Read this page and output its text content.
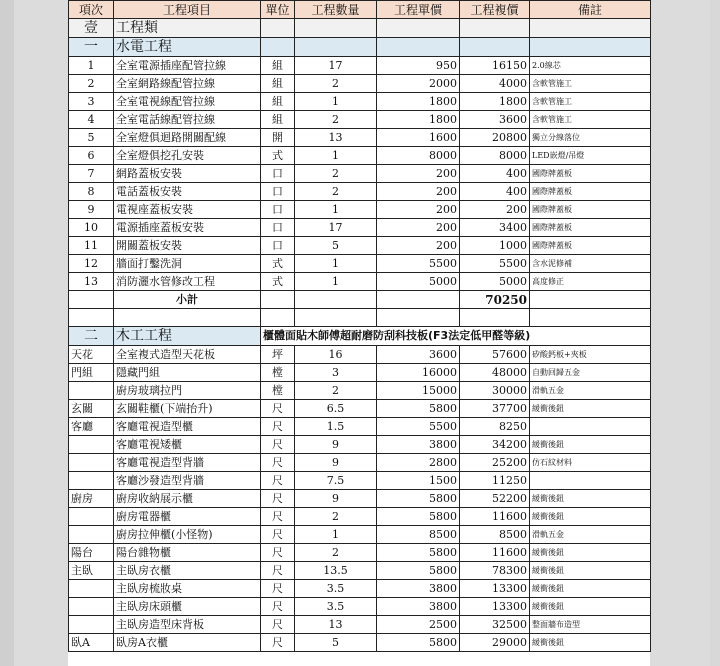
項次	工程項目	單位	工程數量	工程單價	工程複價	備註
壹	工程類					
一	水電工程					
1	全室電源插座配管拉線	組	17	950	16150	2.0線芯
2	全室網路線配管拉線	組	2	2000	4000	含軟管施工
3	全室電視線配管拉線	組	1	1800	1800	含軟管施工
4	全室電話線配管拉線	組	2	1800	3600	含軟管施工
5	全室燈俱迴路開關配線	開	13	1600	20800	獨立分線落位
6	全室燈俱挖孔安裝	式	1	8000	8000	LED嵌燈/吊燈
7	網路蓋板安裝	口	2	200	400	國際牌蓋板
8	電話蓋板安裝	口	2	200	400	國際牌蓋板
9	電視座蓋板安裝	口	1	200	200	國際牌蓋板
10	電源插座蓋板安裝	口	17	200	3400	國際牌蓋板
11	開關蓋板安裝	口	5	200	1000	國際牌蓋板
12	牆面打鑿洗洞	式	1	5500	5500	含水泥修補
13	消防灑水管修改工程	式	1	5000	5000	高度修正
	小計				70250	

二	木工工程	櫃體面貼木師傅超耐磨防刮科技板(F3法定低甲醛等級)				
天花	全室複式造型天花板	坪	16	3600	57600	矽酸鈣板+夾板
門組	隱藏門組	樘	3	16000	48000	自動回歸五金
	廚房玻璃拉門	樘	2	15000	30000	滑軌五金
玄關	玄關鞋櫃(下端抬升)	尺	6.5	5800	37700	緩衝後鈕
客廳	客廳電視造型櫃	尺	1.5	5500	8250	
	客廳電視矮櫃	尺	9	3800	34200	緩衝後鈕
	客廳電視造型背牆	尺	9	2800	25200	仿石紋材料
	客廳沙發造型背牆	尺	7.5	1500	11250	
廚房	廚房收納展示櫃	尺	9	5800	52200	緩衝後鈕
	廚房電器櫃	尺	2	5800	11600	緩衝後鈕
	廚房拉伸櫃(小怪物)	尺	1	8500	8500	滑軌五金
陽台	陽台雜物櫃	尺	2	5800	11600	緩衝後鈕
主臥	主臥房衣櫃	尺	13.5	5800	78300	緩衝後鈕
	主臥房梳妝桌	尺	3.5	3800	13300	緩衝後鈕
	主臥房床頭櫃	尺	3.5	3800	13300	緩衝後鈕
	主臥房造型床背板	尺	13	2500	32500	整面牆布造型
臥A	臥房A衣櫃	尺	5	5800	29000	緩衝後鈕
